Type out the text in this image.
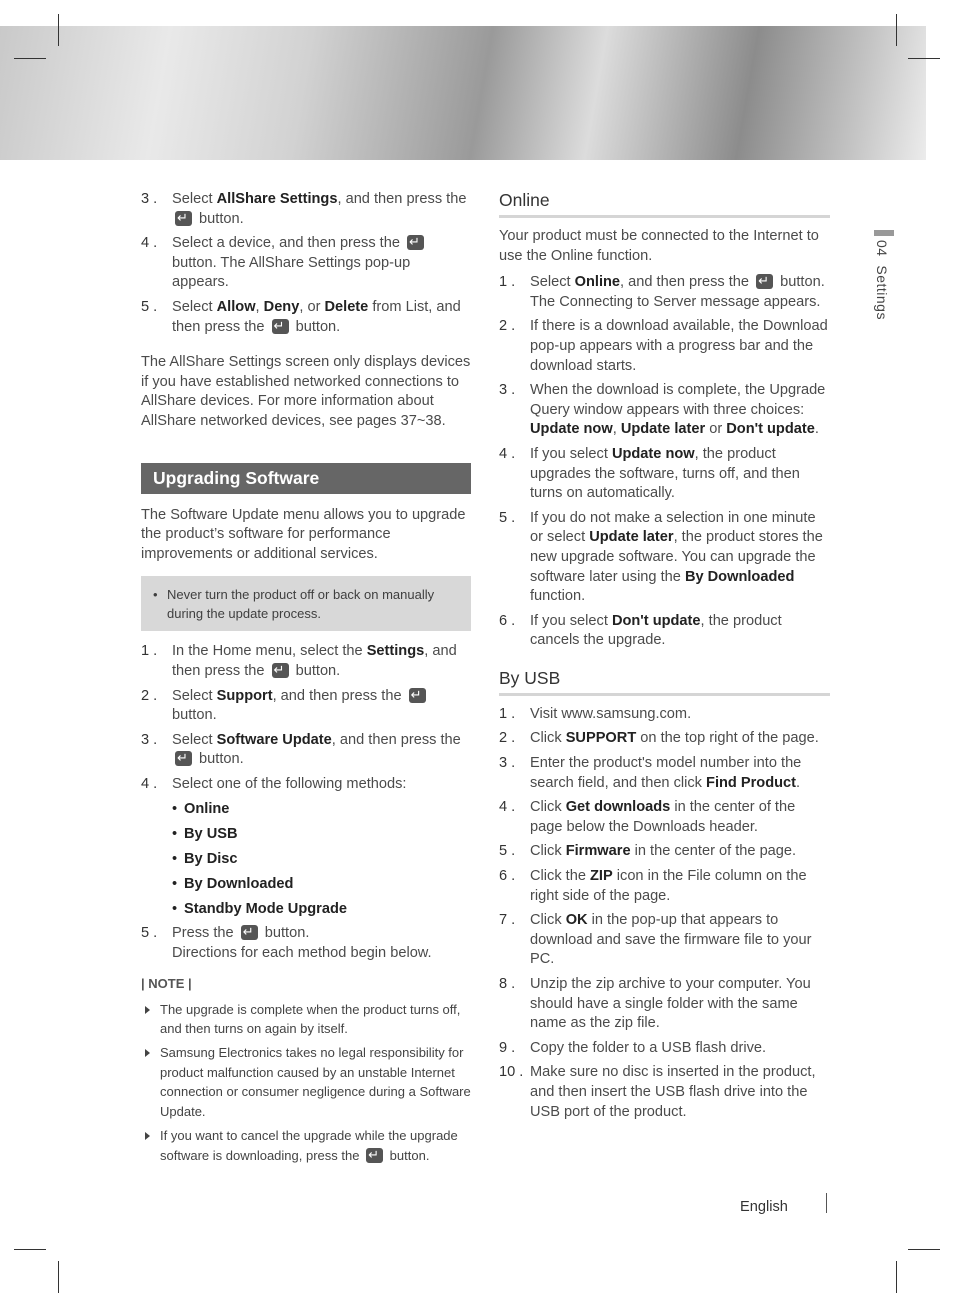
3 . Select AllShare Settings, and then press the ↵ button.
4 . Select a device, and then press the ↵ button. The AllShare Settings pop-up appears.
5 . Select Allow, Deny, or Delete from List, and then press the ↵ button.
The AllShare Settings screen only displays devices if you have established networked connections to AllShare devices. For more information about AllShare networked devices, see pages 37~38.
Upgrading Software
The Software Update menu allows you to upgrade the product’s software for performance improvements or additional services.
• Never turn the product off or back on manually during the update process.
1 . In the Home menu, select the Settings, and then press the ↵ button.
2 . Select Support, and then press the ↵ button.
3 . Select Software Update, and then press the ↵ button.
4 . Select one of the following methods:
• Online
• By USB
• By Disc
• By Downloaded
• Standby Mode Upgrade
5 . Press the ↵ button.
Directions for each method begin below.
| NOTE |
The upgrade is complete when the product turns off, and then turns on again by itself.
Samsung Electronics takes no legal responsibility for product malfunction caused by an unstable Internet connection or consumer negligence during a Software Update.
If you want to cancel the upgrade while the upgrade software is downloading, press the ↵ button.
Online
Your product must be connected to the Internet to use the Online function.
1 . Select Online, and then press the ↵ button. The Connecting to Server message appears.
2 . If there is a download available, the Download pop-up appears with a progress bar and the download starts.
3 . When the download is complete, the Upgrade Query window appears with three choices: Update now, Update later or Don't update.
4 . If you select Update now, the product upgrades the software, turns off, and then turns on automatically.
5 . If you do not make a selection in one minute or select Update later, the product stores the new upgrade software. You can upgrade the software later using the By Downloaded function.
6 . If you select Don't update, the product cancels the upgrade.
By USB
1 . Visit www.samsung.com.
2 . Click SUPPORT on the top right of the page.
3 . Enter the product's model number into the search field, and then click Find Product.
4 . Click Get downloads in the center of the page below the Downloads header.
5 . Click Firmware in the center of the page.
6 . Click the ZIP icon in the File column on the right side of the page.
7 . Click OK in the pop-up that appears to download and save the firmware file to your PC.
8 . Unzip the zip archive to your computer. You should have a single folder with the same name as the zip file.
9 . Copy the folder to a USB flash drive.
10 . Make sure no disc is inserted in the product, and then insert the USB flash drive into the USB port of the product.
04  Settings
English
